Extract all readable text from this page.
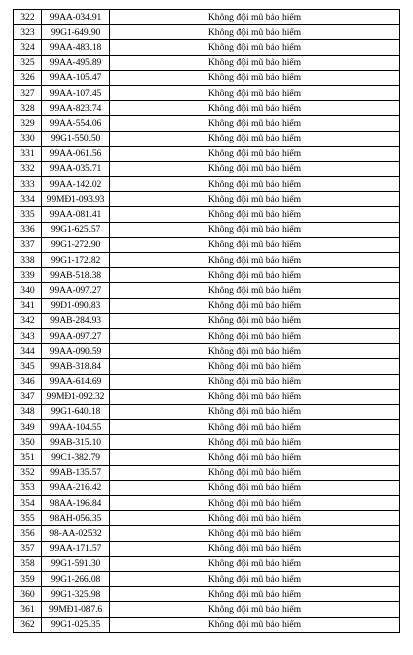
322	99AA-034.91	Không đội mũ bảo hiểm
323	99G1-649.90	Không đội mũ bảo hiểm
324	99AA-483.18	Không đội mũ bảo hiểm
325	99AA-495.89	Không đội mũ bảo hiểm
326	99AA-105.47	Không đội mũ bảo hiểm
327	99AA-107.45	Không đội mũ bảo hiểm
328	99AA-823.74	Không đội mũ bảo hiểm
329	99AA-554.06	Không đội mũ bảo hiểm
330	99G1-550.50	Không đội mũ bảo hiểm
331	99AA-061.56	Không đội mũ bảo hiểm
332	99AA-035.71	Không đội mũ bảo hiểm
333	99AA-142.02	Không đội mũ bảo hiểm
334	99MĐ1-093.93	Không đội mũ bảo hiểm
335	99AA-081.41	Không đội mũ bảo hiểm
336	99G1-625.57	Không đội mũ bảo hiểm
337	99G1-272.90	Không đội mũ bảo hiểm
338	99G1-172.82	Không đội mũ bảo hiểm
339	99AB-518.38	Không đội mũ bảo hiểm
340	99AA-097.27	Không đội mũ bảo hiểm
341	99D1-090.83	Không đội mũ bảo hiểm
342	99AB-284.93	Không đội mũ bảo hiểm
343	99AA-097.27	Không đội mũ bảo hiểm
344	99AA-090.59	Không đội mũ bảo hiểm
345	99AB-318.84	Không đội mũ bảo hiểm
346	99AA-614.69	Không đội mũ bảo hiểm
347	99MĐ1-092.32	Không đội mũ bảo hiểm
348	99G1-640.18	Không đội mũ bảo hiểm
349	99AA-104.55	Không đội mũ bảo hiểm
350	99AB-315.10	Không đội mũ bảo hiểm
351	99C1-382.79	Không đội mũ bảo hiểm
352	99AB-135.57	Không đội mũ bảo hiểm
353	99AA-216.42	Không đội mũ bảo hiểm
354	98AA-196.84	Không đội mũ bảo hiểm
355	98AH-056.35	Không đội mũ bảo hiểm
356	98-AA-02532	Không đội mũ bảo hiểm
357	99AA-171.57	Không đội mũ bảo hiểm
358	99G1-591.30	Không đội mũ bảo hiểm
359	99G1-266.08	Không đội mũ bảo hiểm
360	99G1-325.98	Không đội mũ bảo hiểm
361	99MĐ1-087.6	Không đội mũ bảo hiểm
362	99G1-025.35	Không đội mũ bảo hiểm
